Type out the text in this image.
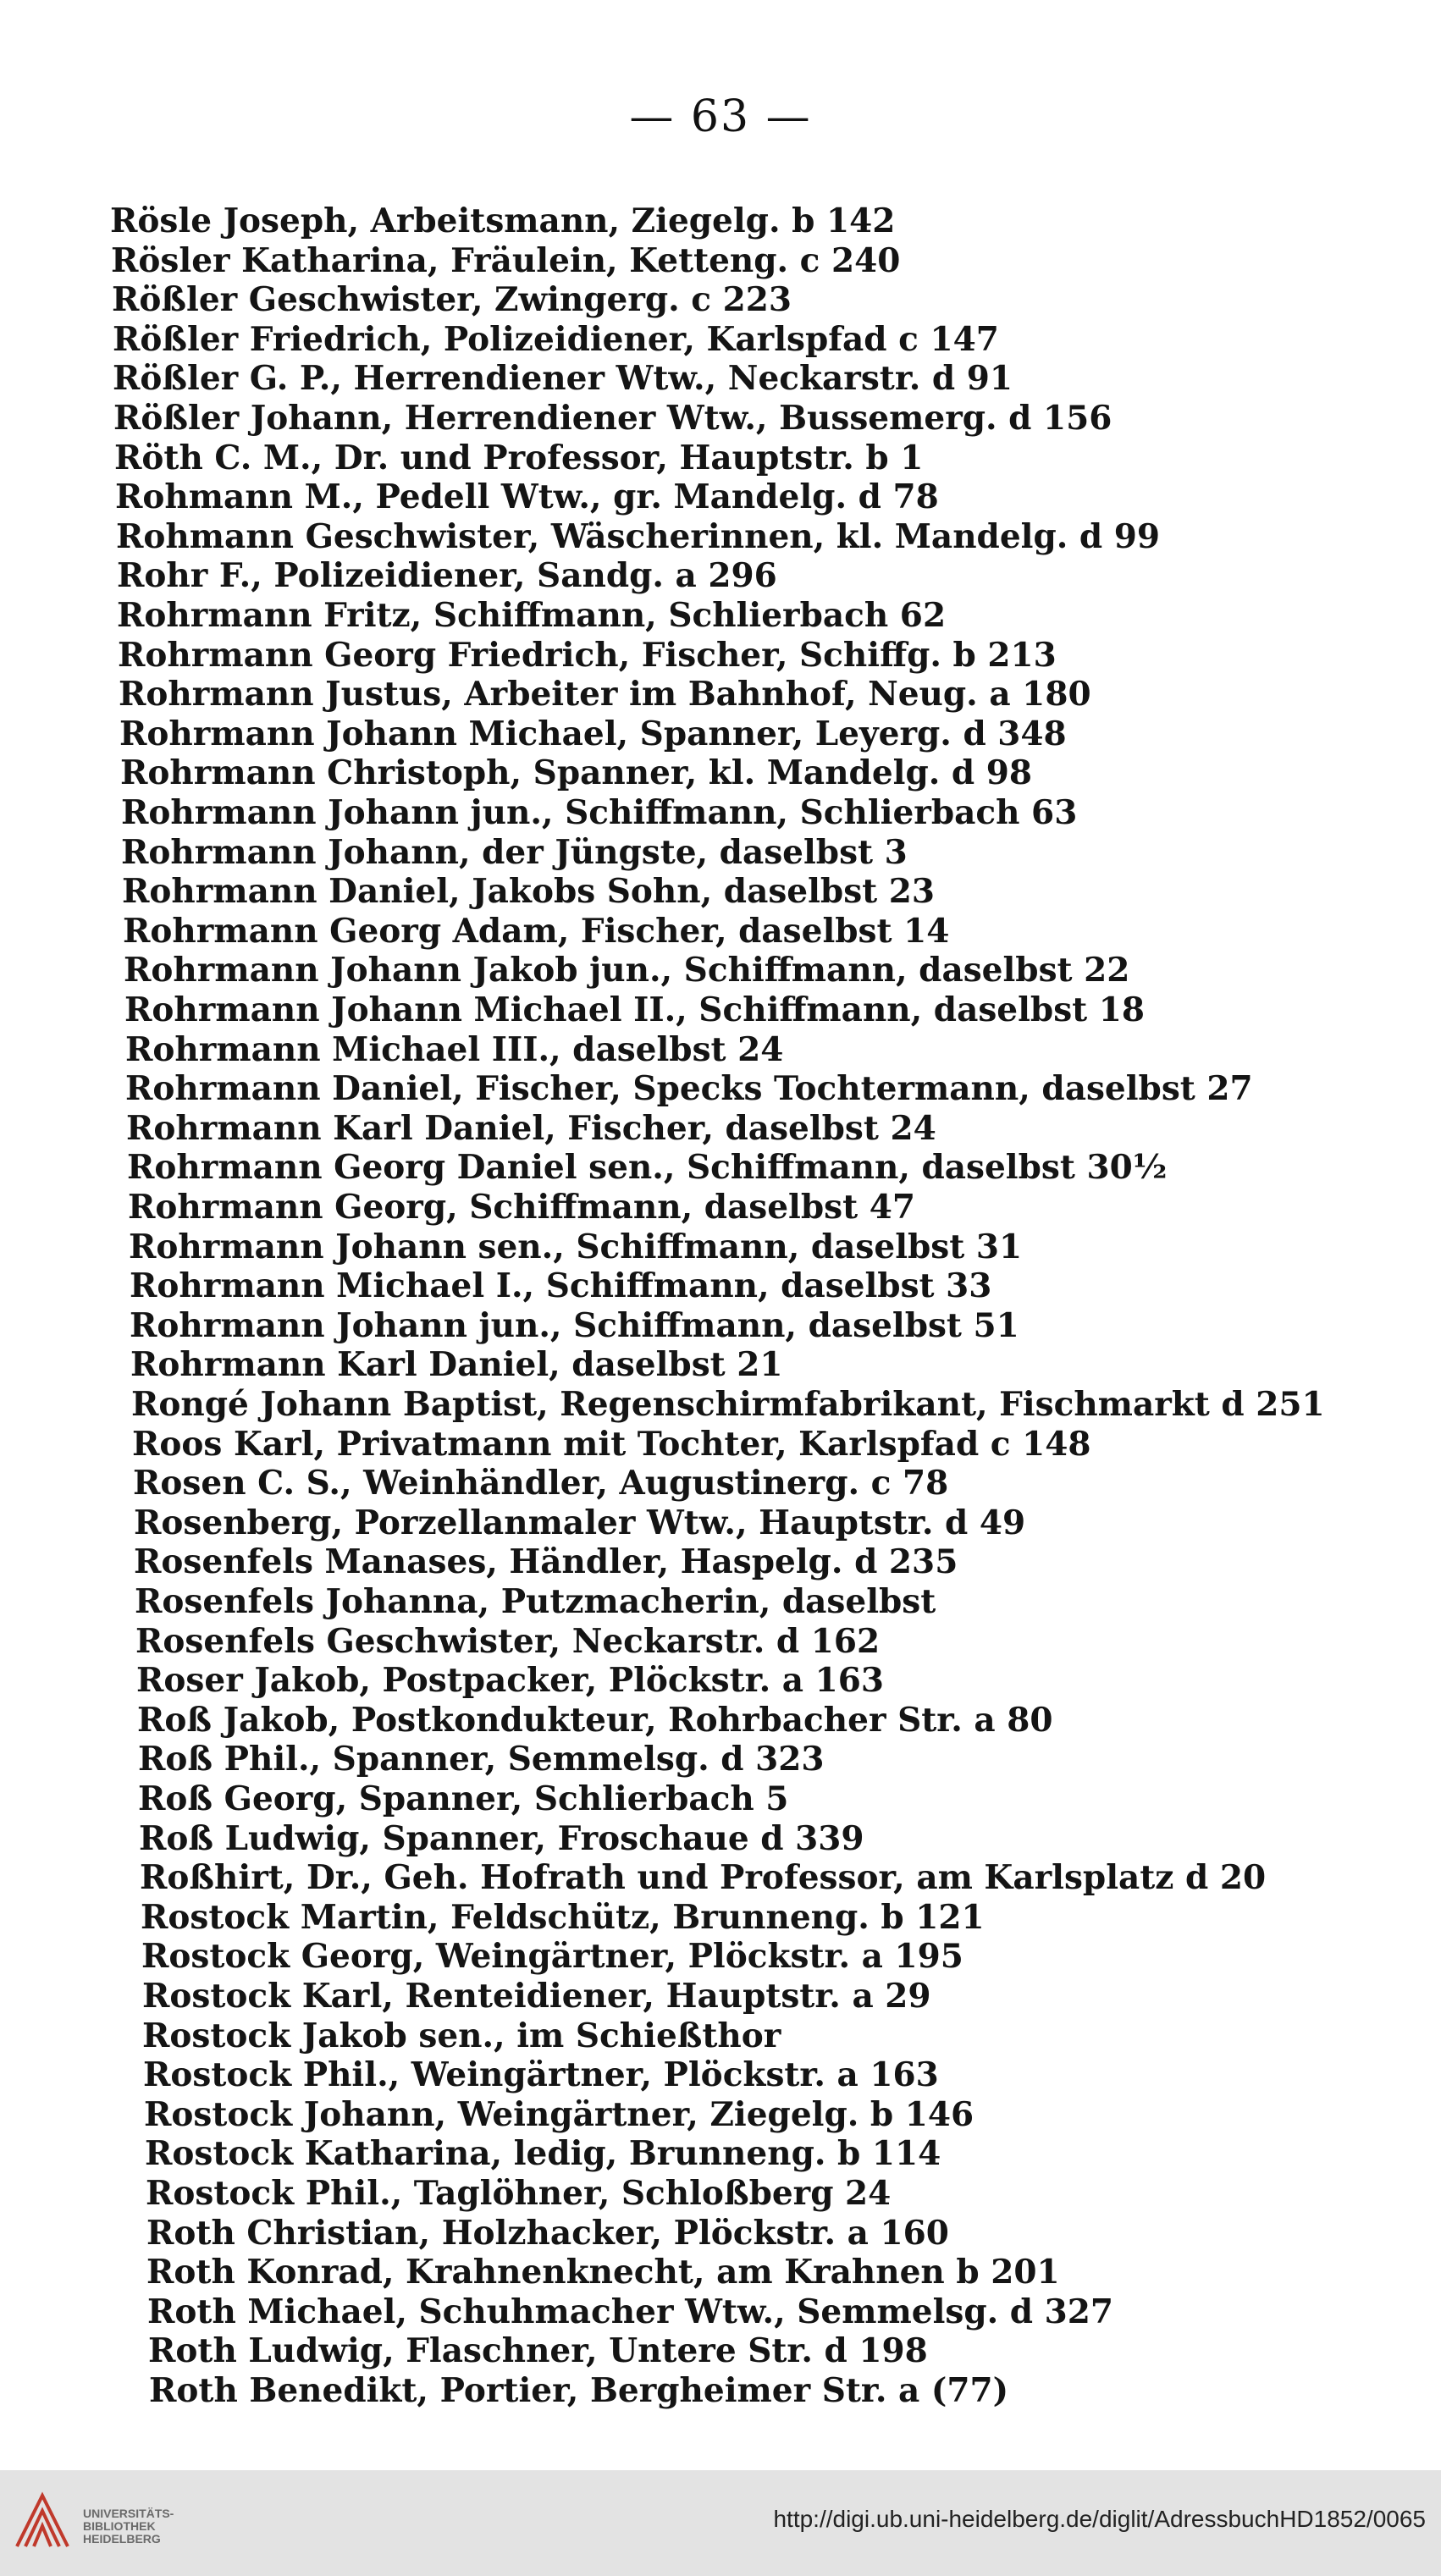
— 63 —
Rösle Joseph, Arbeitsmann, Ziegelg. b 142
Rösler Katharina, Fräulein, Ketteng. c 240
Rößler Geschwister, Zwingerg. c 223
Rößler Friedrich, Polizeidiener, Karlspfad c 147
Rößler G. P., Herrendiener Wtw., Neckarstr. d 91
Rößler Johann, Herrendiener Wtw., Bussemerg. d 156
Röth C. M., Dr. und Professor, Hauptstr. b 1
Rohmann M., Pedell Wtw., gr. Mandelg. d 78
Rohmann Geschwister, Wäscherinnen, kl. Mandelg. d 99
Rohr F., Polizeidiener, Sandg. a 296
Rohrmann Fritz, Schiffmann, Schlierbach 62
Rohrmann Georg Friedrich, Fischer, Schiffg. b 213
Rohrmann Justus, Arbeiter im Bahnhof, Neug. a 180
Rohrmann Johann Michael, Spanner, Leyerg. d 348
Rohrmann Christoph, Spanner, kl. Mandelg. d 98
Rohrmann Johann jun., Schiffmann, Schlierbach 63
Rohrmann Johann, der Jüngste, daselbst 3
Rohrmann Daniel, Jakobs Sohn, daselbst 23
Rohrmann Georg Adam, Fischer, daselbst 14
Rohrmann Johann Jakob jun., Schiffmann, daselbst 22
Rohrmann Johann Michael II., Schiffmann, daselbst 18
Rohrmann Michael III., daselbst 24
Rohrmann Daniel, Fischer, Specks Tochtermann, daselbst 27
Rohrmann Karl Daniel, Fischer, daselbst 24
Rohrmann Georg Daniel sen., Schiffmann, daselbst 30½
Rohrmann Georg, Schiffmann, daselbst 47
Rohrmann Johann sen., Schiffmann, daselbst 31
Rohrmann Michael I., Schiffmann, daselbst 33
Rohrmann Johann jun., Schiffmann, daselbst 51
Rohrmann Karl Daniel, daselbst 21
Rongé Johann Baptist, Regenschirmfabrikant, Fischmarkt d 251
Roos Karl, Privatmann mit Tochter, Karlspfad c 148
Rosen C. S., Weinhändler, Augustinerg. c 78
Rosenberg, Porzellanmaler Wtw., Hauptstr. d 49
Rosenfels Manases, Händler, Haspelg. d 235
Rosenfels Johanna, Putzmacherin, daselbst
Rosenfels Geschwister, Neckarstr. d 162
Roser Jakob, Postpacker, Plöckstr. a 163
Roß Jakob, Postkondukteur, Rohrbacher Str. a 80
Roß Phil., Spanner, Semmelsg. d 323
Roß Georg, Spanner, Schlierbach 5
Roß Ludwig, Spanner, Froschaue d 339
Roßhirt, Dr., Geh. Hofrath und Professor, am Karlsplatz d 20
Rostock Martin, Feldschütz, Brunneng. b 121
Rostock Georg, Weingärtner, Plöckstr. a 195
Rostock Karl, Renteidiener, Hauptstr. a 29
Rostock Jakob sen., im Schießthor
Rostock Phil., Weingärtner, Plöckstr. a 163
Rostock Johann, Weingärtner, Ziegelg. b 146
Rostock Katharina, ledig, Brunneng. b 114
Rostock Phil., Taglöhner, Schloßberg 24
Roth Christian, Holzhacker, Plöckstr. a 160
Roth Konrad, Krahnenknecht, am Krahnen b 201
Roth Michael, Schuhmacher Wtw., Semmelsg. d 327
Roth Ludwig, Flaschner, Untere Str. d 198
Roth Benedikt, Portier, Bergheimer Str. a (77)
UNIVERSITÄTS-
BIBLIOTHEK
HEIDELBERG
http://digi.ub.uni-heidelberg.de/diglit/AdressbuchHD1852/0065
